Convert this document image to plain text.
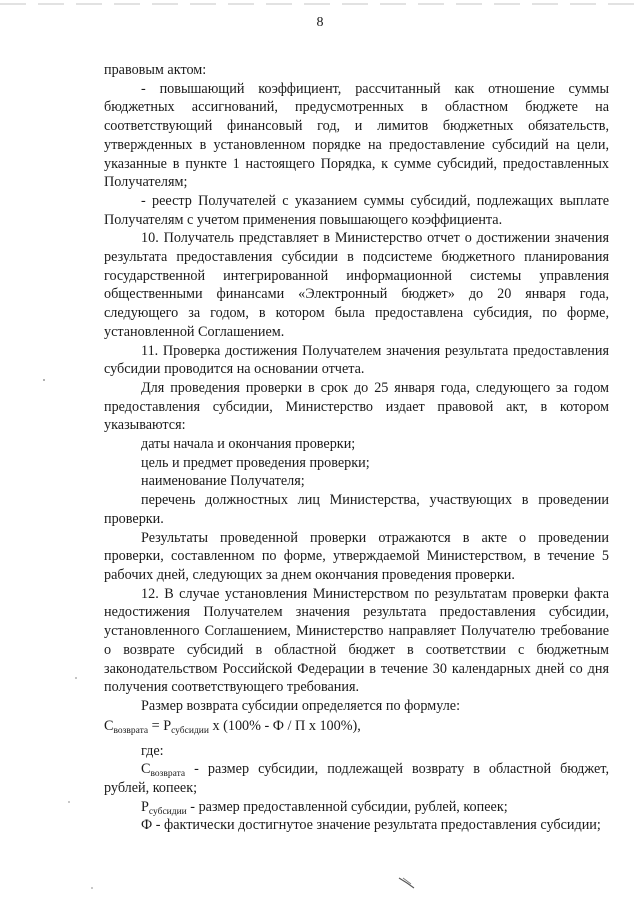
8

правовым актом:

- повышающий коэффициент, рассчитанный как отношение суммы бюджетных ассигнований, предусмотренных в областном бюджете на соответствующий финансовый год, и лимитов бюджетных обязательств, утвержденных в установленном порядке на предоставление субсидий на цели, указанные в пункте 1 настоящего Порядка, к сумме субсидий, предоставленных Получателям;

- реестр Получателей с указанием суммы субсидий, подлежащих выплате Получателям с учетом применения повышающего коэффициента.

10. Получатель представляет в Министерство отчет о достижении значения результата предоставления субсидии в подсистеме бюджетного планирования государственной интегрированной информационной системы управления общественными финансами «Электронный бюджет» до 20 января года, следующего за годом, в котором была предоставлена субсидия, по форме, установленной Соглашением.

11. Проверка достижения Получателем значения результата предоставления субсидии проводится на основании отчета.

Для проведения проверки в срок до 25 января года, следующего за годом предоставления субсидии, Министерство издает правовой акт, в котором указываются:

даты начала и окончания проверки;

цель и предмет проведения проверки;

наименование Получателя;

перечень должностных лиц Министерства, участвующих в проведении проверки.

Результаты проведенной проверки отражаются в акте о проведении проверки, составленном по форме, утверждаемой Министерством, в течение 5 рабочих дней, следующих за днем окончания проведения проверки.

12. В случае установления Министерством по результатам проверки факта недостижения Получателем значения результата предоставления субсидии, установленного Соглашением, Министерство направляет Получателю требование о возврате субсидий в областной бюджет в соответствии с бюджетным законодательством Российской Федерации в течение 30 календарных дней со дня получения соответствующего требования.

Размер возврата субсидии определяется по формуле:

$С_{возврата} = Р_{субсидии}$ x (100% - Ф / П x 100%),

где:

$С_{возврата}$ - размер субсидии, подлежащей возврату в областной бюджет, рублей, копеек;

$Р_{субсидии}$ - размер предоставленной субсидии, рублей, копеек;

Ф - фактически достигнутое значение результата предоставления субсидии;
